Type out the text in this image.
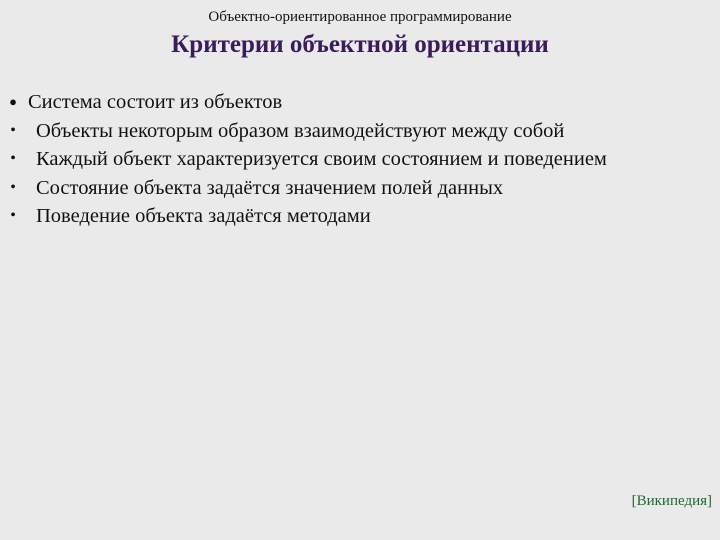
Объектно-ориентированное программирование
Критерии объектной ориентации
● Система состоит из объектов
• Объекты некоторым образом взаимодействуют между собой
• Каждый объект характеризуется своим состоянием и поведением
• Состояние объекта задаётся значением полей данных
• Поведение объекта задаётся методами
[Википедия]
